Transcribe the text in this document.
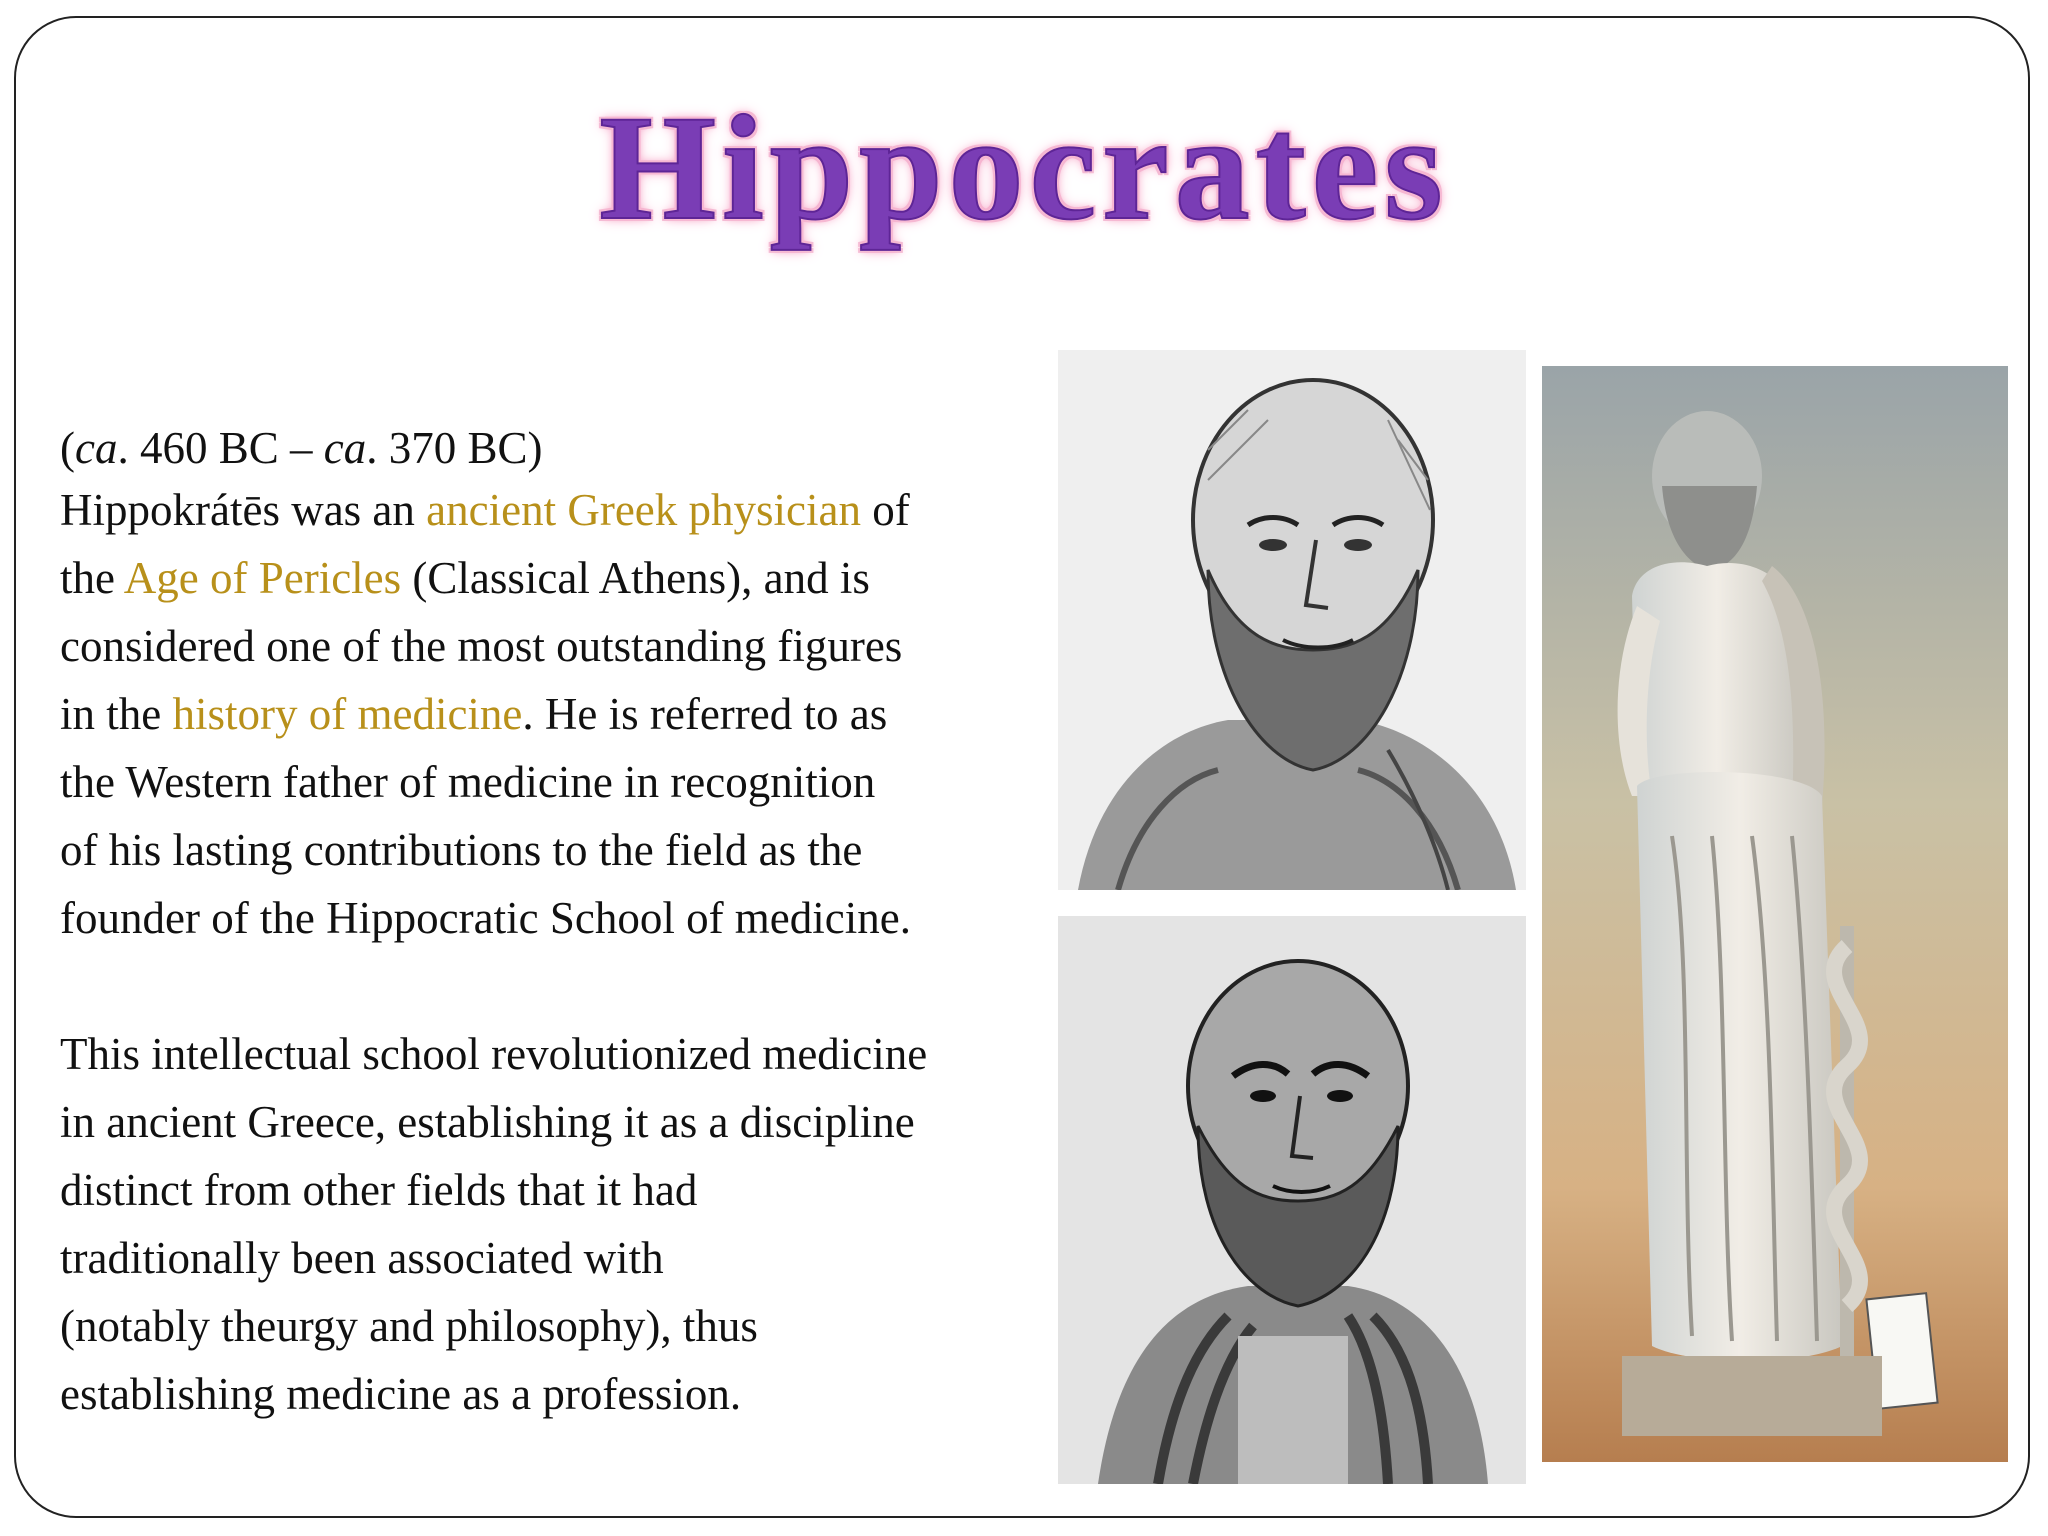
Hippocrates

(ca. 460 BC – ca. 370 BC)

Hippokrátēs was an ancient Greek physician of

the Age of Pericles (Classical Athens), and is

considered one of the most outstanding figures

in the history of medicine. He is referred to as

the Western father of medicine in recognition

of his lasting contributions to the field as the

founder of the Hippocratic School of medicine.

This intellectual school revolutionized medicine

in ancient Greece, establishing it as a discipline

distinct from other fields that it had

traditionally been associated with

(notably theurgy and philosophy), thus

establishing medicine as a profession.
